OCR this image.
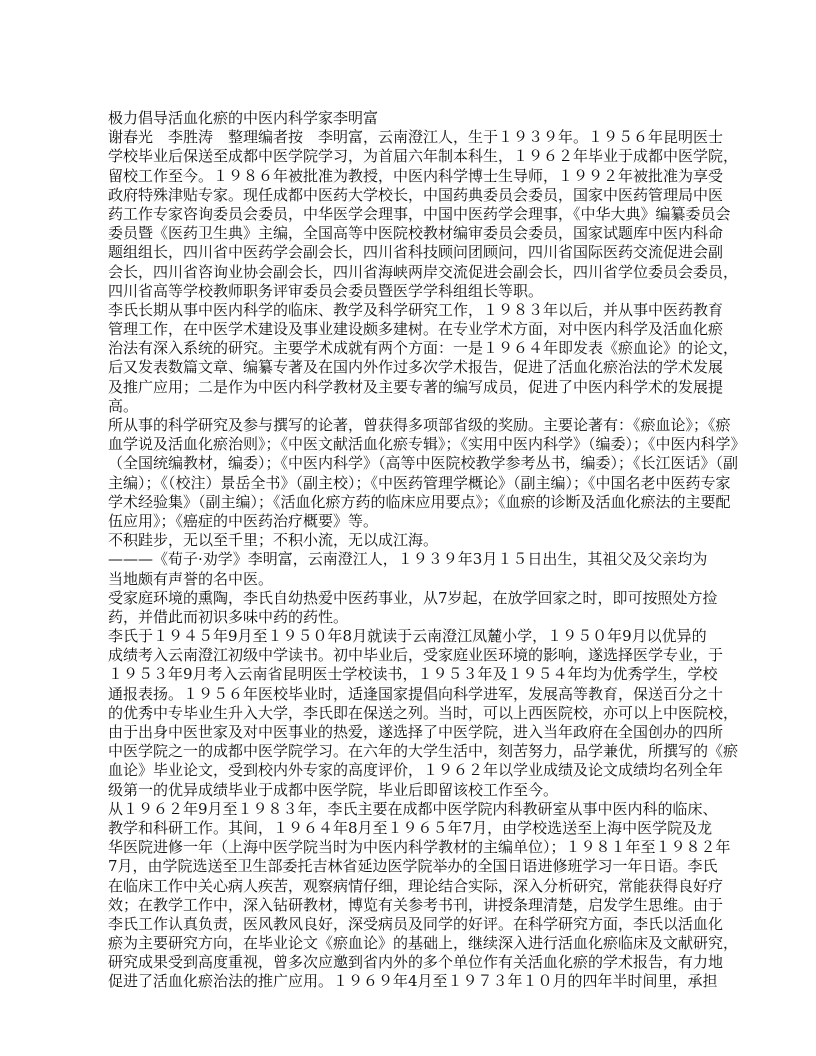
极力倡导活血化瘀的中医内科学家李明富
谢春光　李胜涛　整理编者按　李明富，云南澄江人，生于１９３９年。１９５６年昆明医士
学校毕业后保送至成都中医学院学习，为首届六年制本科生，１９６２年毕业于成都中医学院，
留校工作至今。１９８６年被批准为教授，中医内科学博士生导师，１９９２年被批准为享受
政府特殊津贴专家。现任成都中医药大学校长，中国药典委员会委员，国家中医药管理局中医
药工作专家咨询委员会委员，中华医学会理事，中国中医药学会理事，《中华大典》编纂委员会
委员暨《医药卫生典》主编，全国高等中医院校教材编审委员会委员，国家试题库中医内科命
题组组长，四川省中医药学会副会长，四川省科技顾问团顾问，四川省国际医药交流促进会副
会长，四川省咨询业协会副会长，四川省海峡两岸交流促进会副会长，四川省学位委员会委员，
四川省高等学校教师职务评审委员会委员暨医学学科组组长等职。
李氏长期从事中医内科学的临床、教学及科学研究工作，１９８３年以后，并从事中医药教育
管理工作，在中医学术建设及事业建设颇多建树。在专业学术方面，对中医内科学及活血化瘀
治法有深入系统的研究。主要学术成就有两个方面：一是１９６４年即发表《瘀血论》的论文，
后又发表数篇文章、编纂专著及在国内外作过多次学术报告，促进了活血化瘀治法的学术发展
及推广应用；二是作为中医内科学教材及主要专著的编写成员，促进了中医内科学术的发展提
高。
所从事的科学研究及参与撰写的论著，曾获得多项部省级的奖励。主要论著有：《瘀血论》；《瘀
血学说及活血化瘀治则》；《中医文献活血化瘀专辑》；《实用中医内科学》（编委）；《中医内科学》
（全国统编教材，编委）；《中医内科学》（高等中医院校教学参考丛书，编委）；《长江医话》（副
主编）；《（校注）景岳全书》（副主校）；《中医药管理学概论》（副主编）；《中国名老中医药专家
学术经验集》（副主编）；《活血化瘀方药的临床应用要点》；《血瘀的诊断及活血化瘀法的主要配
伍应用》；《癌症的中医药治疗概要》等。
不积跬步，无以至千里；不积小流，无以成江海。
———《荀子·劝学》李明富，云南澄江人，１９３９年3月１５日出生，其祖父及父亲均为
当地颇有声誉的名中医。
受家庭环境的熏陶，李氏自幼热爱中医药事业，从7岁起，在放学回家之时，即可按照处方捡
药，并借此而初识多味中药的药性。
李氏于１９４５年9月至１９５０年8月就读于云南澄江凤麓小学，１９５０年9月以优异的
成绩考入云南澄江初级中学读书。初中毕业后，受家庭业医环境的影响，遂选择医学专业，于
１９５３年9月考入云南省昆明医士学校读书，１９５３年及１９５４年均为优秀学生，学校
通报表扬。１９５６年医校毕业时，适逢国家提倡向科学进军，发展高等教育，保送百分之十
的优秀中专毕业生升入大学，李氏即在保送之列。当时，可以上西医院校，亦可以上中医院校，
由于出身中医世家及对中医事业的热爱，遂选择了中医学院，进入当年政府在全国创办的四所
中医学院之一的成都中医学院学习。在六年的大学生活中，刻苦努力，品学兼优，所撰写的《瘀
血论》毕业论文，受到校内外专家的高度评价，１９６２年以学业成绩及论文成绩均名列全年
级第一的优异成绩毕业于成都中医学院，毕业后即留该校工作至今。
从１９６２年9月至１９８３年，李氏主要在成都中医学院内科教研室从事中医内科的临床、
教学和科研工作。其间，１９６４年8月至１９６５年7月，由学校选送至上海中医学院及龙
华医院进修一年（上海中医学院当时为中医内科学教材的主编单位）；１９８１年至１９８２年
7月，由学院选送至卫生部委托吉林省延边医学院举办的全国日语进修班学习一年日语。李氏
在临床工作中关心病人疾苦，观察病情仔细，理论结合实际，深入分析研究，常能获得良好疗
效；在教学工作中，深入钻研教材，博览有关参考书刊，讲授条理清楚，启发学生思维。由于
李氏工作认真负责，医风教风良好，深受病员及同学的好评。在科学研究方面，李氏以活血化
瘀为主要研究方向，在毕业论文《瘀血论》的基础上，继续深入进行活血化瘀临床及文献研究，
研究成果受到高度重视，曾多次应邀到省内外的多个单位作有关活血化瘀的学术报告，有力地
促进了活血化瘀治法的推广应用。１９６９年4月至１９７３年１０月的四年半时间里，承担
